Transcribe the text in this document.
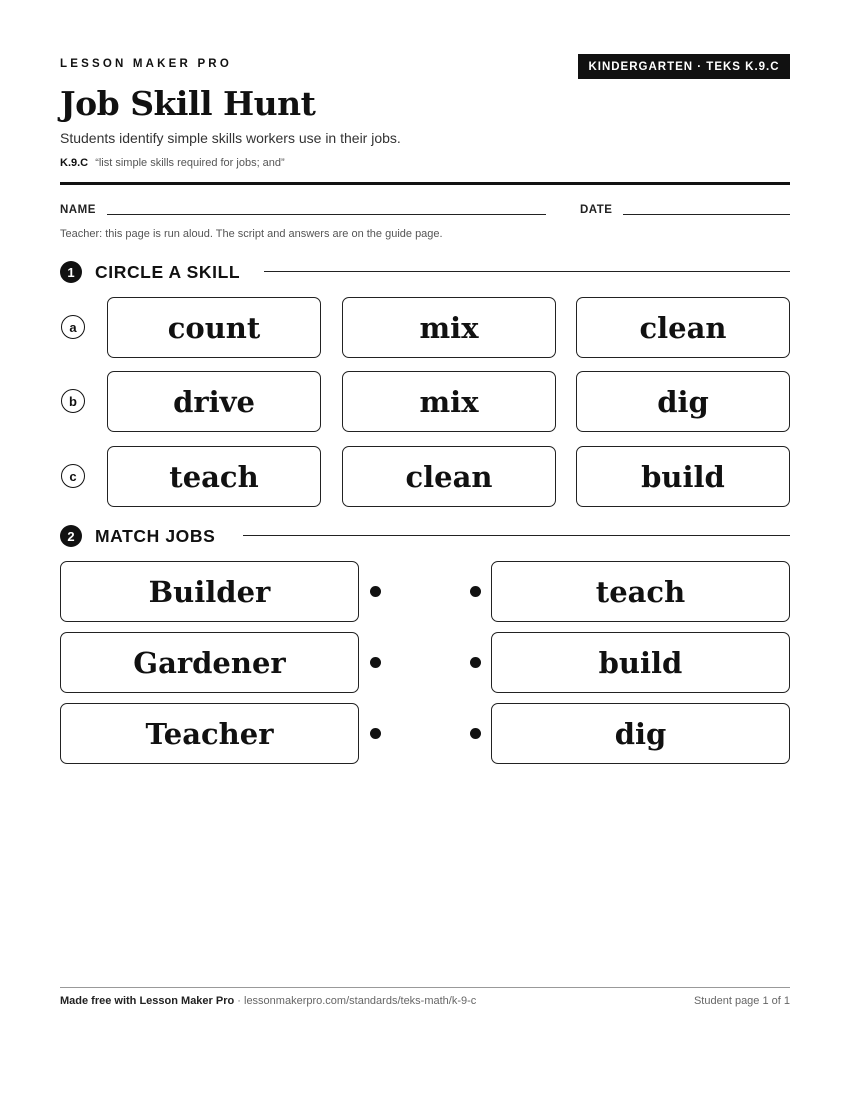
LESSON MAKER PRO	KINDERGARTEN · TEKS K.9.C
Job Skill Hunt
Students identify simple skills workers use in their jobs.
K.9.C “list simple skills required for jobs; and”
NAME	DATE
Teacher: this page is run aloud. The script and answers are on the guide page.
1	CIRCLE A SKILL
a	count	mix	clean
b	drive	mix	dig
c	teach	clean	build
2	MATCH JOBS
Builder	teach
Gardener	build
Teacher	dig
Made free with Lesson Maker Pro · lessonmakerpro.com/standards/teks-math/k-9-c	Student page 1 of 1
